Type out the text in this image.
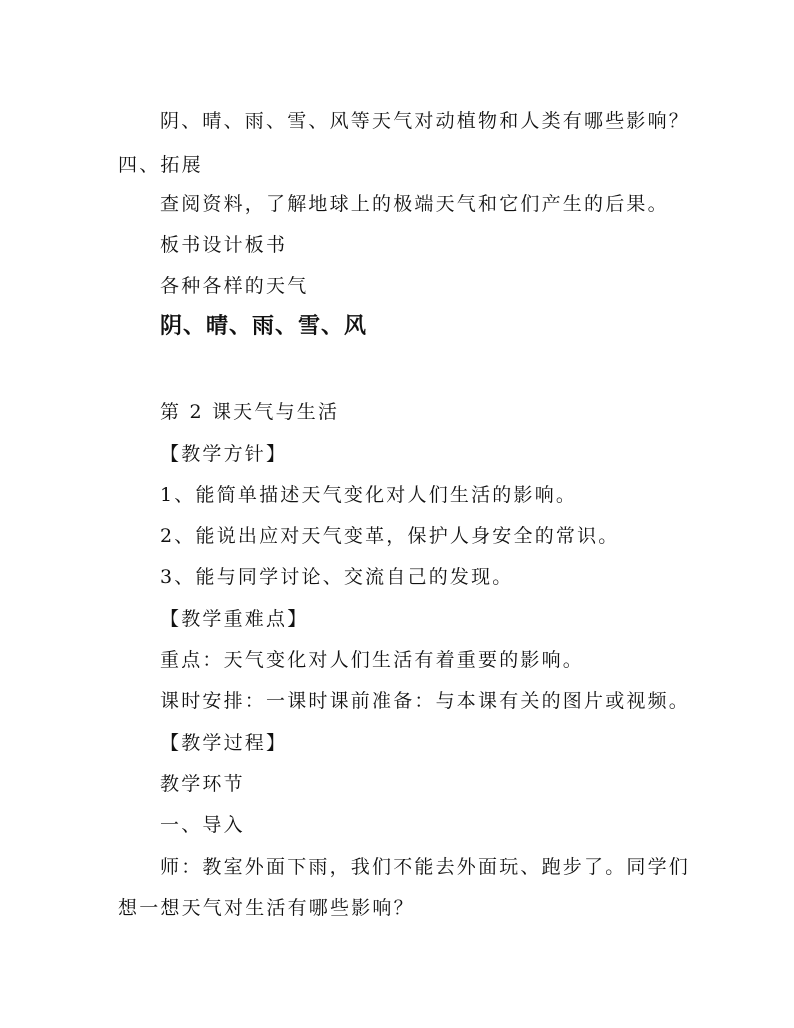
阴、晴、雨、雪、风等天气对动植物和人类有哪些影响？
四、拓展
查阅资料，了解地球上的极端天气和它们产生的后果。
板书设计板书
各种各样的天气
阴、晴、雨、雪、风
第 2 课天气与生活
【教学方针】
1、能简单描述天气变化对人们生活的影响。
2、能说出应对天气变革，保护人身安全的常识。
3、能与同学讨论、交流自己的发现。
【教学重难点】
重点：天气变化对人们生活有着重要的影响。
课时安排：一课时课前准备：与本课有关的图片或视频。
【教学过程】
教学环节
一、导入
师：教室外面下雨，我们不能去外面玩、跑步了。同学们
想一想天气对生活有哪些影响？
